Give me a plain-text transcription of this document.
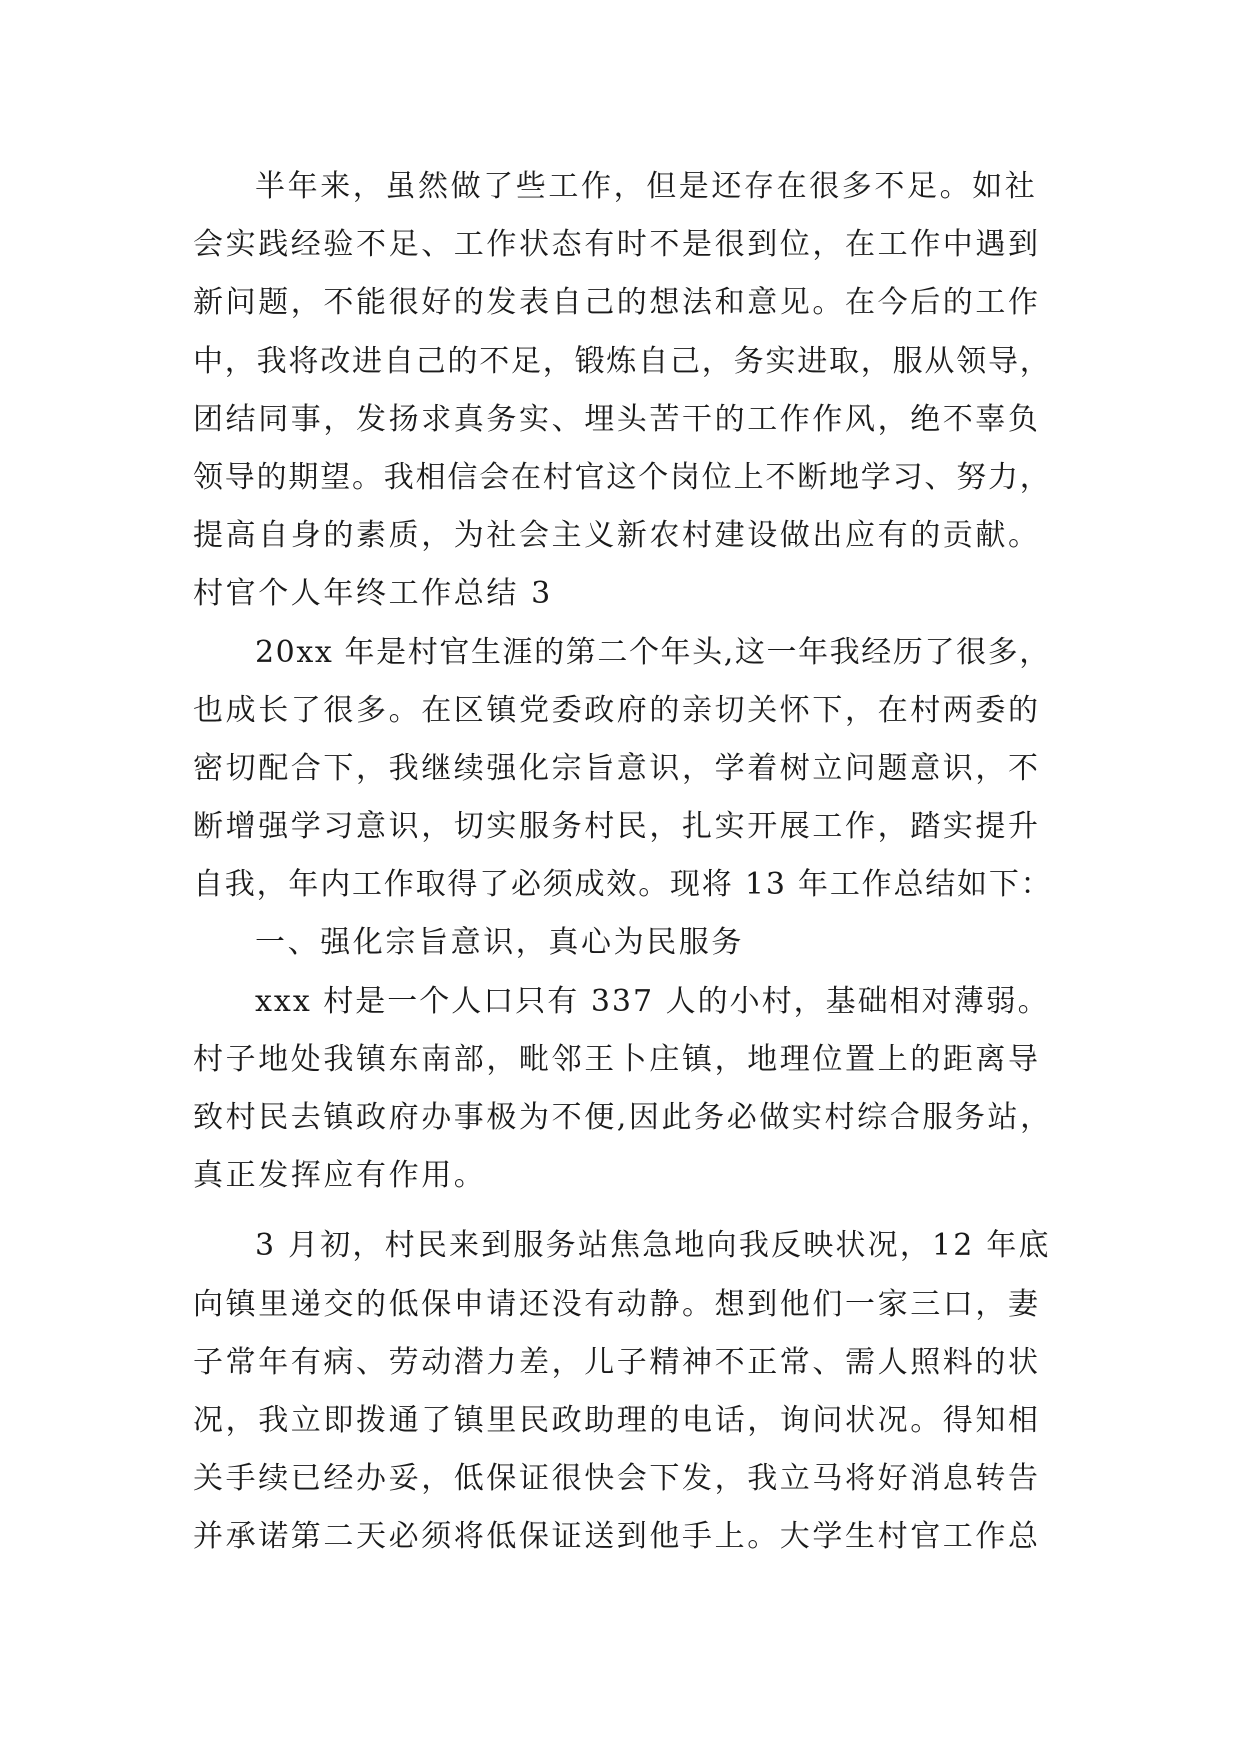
半年来，虽然做了些工作，但是还存在很多不足。如社
会实践经验不足、工作状态有时不是很到位，在工作中遇到
新问题，不能很好的发表自己的想法和意见。在今后的工作
中，我将改进自己的不足，锻炼自己，务实进取，服从领导，
团结同事，发扬求真务实、埋头苦干的工作作风，绝不辜负
领导的期望。我相信会在村官这个岗位上不断地学习、努力，
提高自身的素质，为社会主义新农村建设做出应有的贡献。
村官个人年终工作总结 3
20xx 年是村官生涯的第二个年头,这一年我经历了很多，
也成长了很多。在区镇党委政府的亲切关怀下，在村两委的
密切配合下，我继续强化宗旨意识，学着树立问题意识，不
断增强学习意识，切实服务村民，扎实开展工作，踏实提升
自我，年内工作取得了必须成效。现将 13 年工作总结如下：
一、强化宗旨意识，真心为民服务
xxx 村是一个人口只有 337 人的小村，基础相对薄弱。
村子地处我镇东南部，毗邻王卜庄镇，地理位置上的距离导
致村民去镇政府办事极为不便,因此务必做实村综合服务站，
真正发挥应有作用。
3 月初，村民来到服务站焦急地向我反映状况，12 年底
向镇里递交的低保申请还没有动静。想到他们一家三口，妻
子常年有病、劳动潜力差，儿子精神不正常、需人照料的状
况，我立即拨通了镇里民政助理的电话，询问状况。得知相
关手续已经办妥，低保证很快会下发，我立马将好消息转告
并承诺第二天必须将低保证送到他手上。大学生村官工作总
